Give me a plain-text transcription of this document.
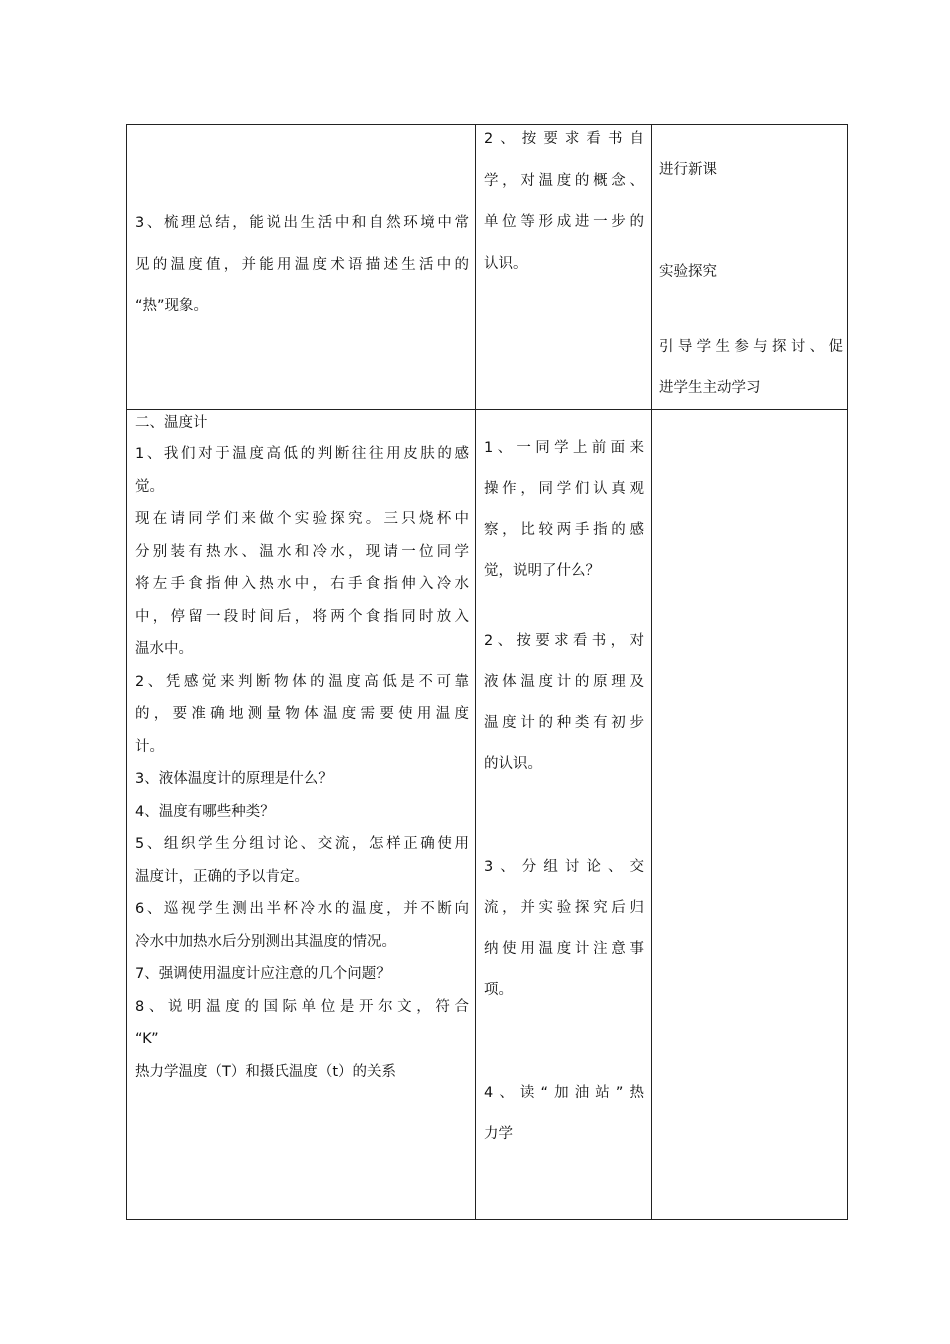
3、梳理总结，能说出生活中和自然环境中常

见的温度值，并能用温度术语描述生活中的

“热”现象。

2、按要求看书自

学，对温度的概念、

单位等形成进一步的

认识。

进行新课

实验探究

引导学生参与探讨、促

进学生主动学习

二、温度计

1、我们对于温度高低的判断往往用皮肤的感

觉。

现在请同学们来做个实验探究。三只烧杯中

分别装有热水、温水和冷水，现请一位同学

将左手食指伸入热水中，右手食指伸入冷水

中，停留一段时间后，将两个食指同时放入

温水中。

2、凭感觉来判断物体的温度高低是不可靠

的，要准确地测量物体温度需要使用温度

计。

3、液体温度计的原理是什么？

4、温度有哪些种类？

5、组织学生分组讨论、交流，怎样正确使用

温度计，正确的予以肯定。

6、巡视学生测出半杯冷水的温度，并不断向

冷水中加热水后分别测出其温度的情况。

7、强调使用温度计应注意的几个问题？

8、说明温度的国际单位是开尔文，符合

“K”

热力学温度（T）和摄氏温度（t）的关系

1、一同学上前面来

操作，同学们认真观

察，比较两手指的感

觉，说明了什么？

2、按要求看书，对

液体温度计的原理及

温度计的种类有初步

的认识。

3、分组讨论、交

流，并实验探究后归

纳使用温度计注意事

项。

4、读“加油站”热

力学
